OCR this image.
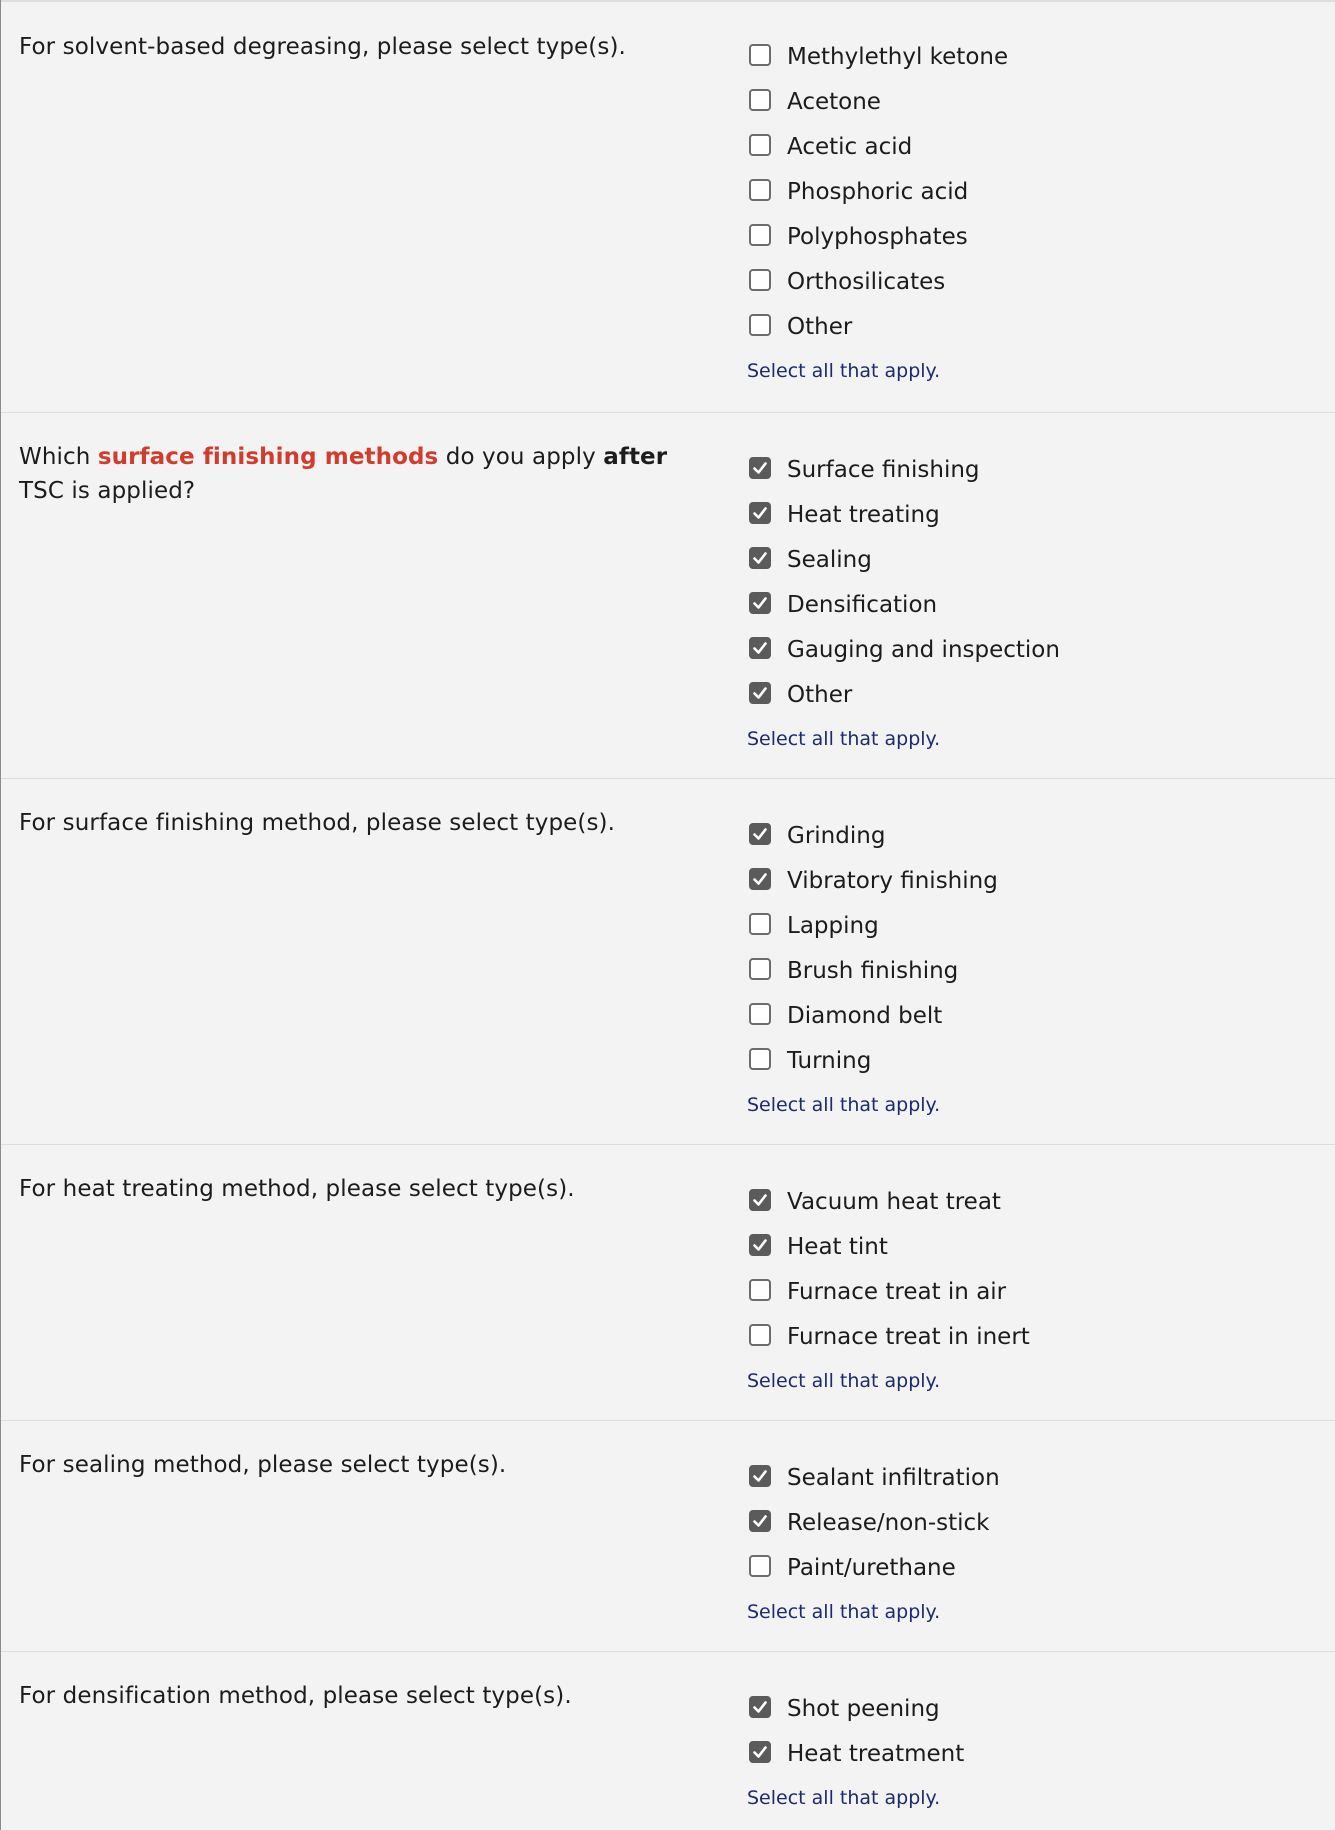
For solvent-based degreasing, please select type(s).	Methylethyl ketone
Acetone
Acetic acid
Phosphoric acid
Polyphosphates
Orthosilicates
Other
Select all that apply.
Which surface finishing methods do you apply after TSC is applied?
Surface finishing
Heat treating
Sealing
Densification
Gauging and inspection
Other
Select all that apply.
For surface finishing method, please select type(s).	Grinding
Vibratory finishing
Lapping
Brush finishing
Diamond belt
Turning
Select all that apply.
For heat treating method, please select type(s).	Vacuum heat treat
Heat tint
Furnace treat in air
Furnace treat in inert
Select all that apply.
For sealing method, please select type(s).	Sealant infiltration
Release/non-stick
Paint/urethane
Select all that apply.
For densification method, please select type(s).	Shot peening
Heat treatment
Select all that apply.
